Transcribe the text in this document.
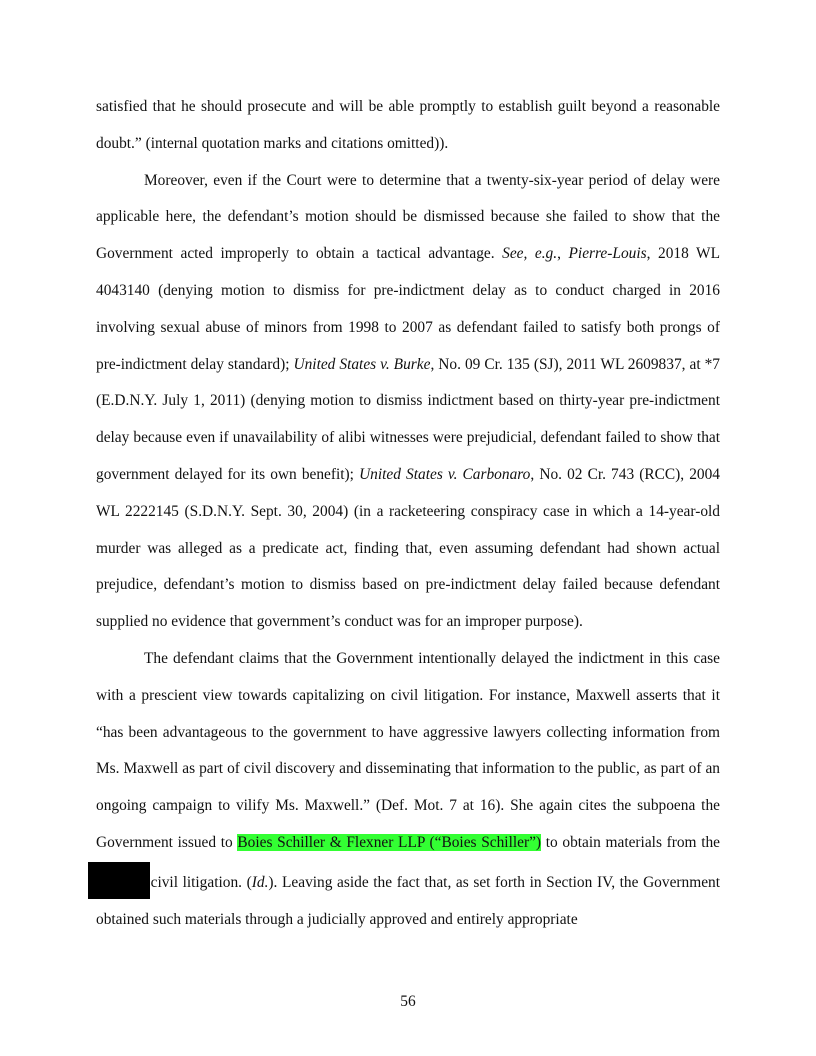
satisfied that he should prosecute and will be able promptly to establish guilt beyond a reasonable doubt.” (internal quotation marks and citations omitted)).

Moreover, even if the Court were to determine that a twenty-six-year period of delay were applicable here, the defendant’s motion should be dismissed because she failed to show that the Government acted improperly to obtain a tactical advantage. See, e.g., Pierre-Louis, 2018 WL 4043140 (denying motion to dismiss for pre-indictment delay as to conduct charged in 2016 involving sexual abuse of minors from 1998 to 2007 as defendant failed to satisfy both prongs of pre-indictment delay standard); United States v. Burke, No. 09 Cr. 135 (SJ), 2011 WL 2609837, at *7 (E.D.N.Y. July 1, 2011) (denying motion to dismiss indictment based on thirty-year pre-indictment delay because even if unavailability of alibi witnesses were prejudicial, defendant failed to show that government delayed for its own benefit); United States v. Carbonaro, No. 02 Cr. 743 (RCC), 2004 WL 2222145 (S.D.N.Y. Sept. 30, 2004) (in a racketeering conspiracy case in which a 14-year-old murder was alleged as a predicate act, finding that, even assuming defendant had shown actual prejudice, defendant’s motion to dismiss based on pre-indictment delay failed because defendant supplied no evidence that government’s conduct was for an improper purpose).

The defendant claims that the Government intentionally delayed the indictment in this case with a prescient view towards capitalizing on civil litigation. For instance, Maxwell asserts that it “has been advantageous to the government to have aggressive lawyers collecting information from Ms. Maxwell as part of civil discovery and disseminating that information to the public, as part of an ongoing campaign to vilify Ms. Maxwell.” (Def. Mot. 7 at 16). She again cites the subpoena the Government issued to Boies Schiller & Flexner LLP (“Boies Schiller”) to obtain materials from the  civil litigation. (Id.). Leaving aside the fact that, as set forth in Section IV, the Government obtained such materials through a judicially approved and entirely appropriate

56
